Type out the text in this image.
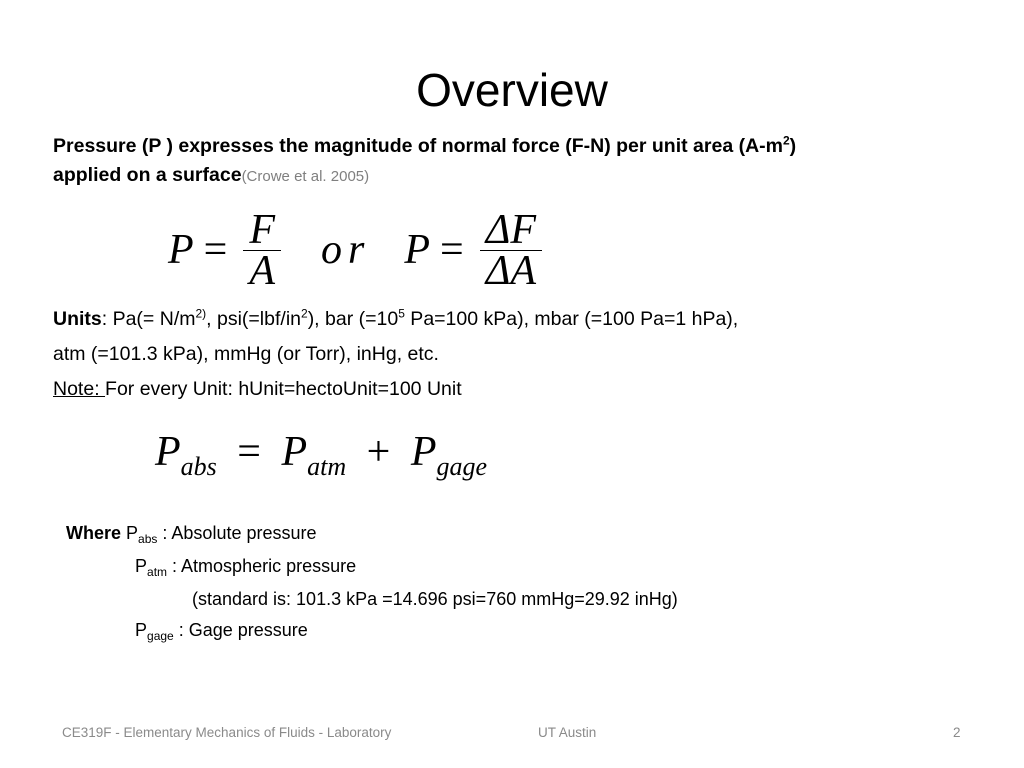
Overview
Pressure (P ) expresses the magnitude of normal force (F-N) per unit area $(A-m^2)$
applied on a surface(Crowe et al. 2005)
$P = \frac{F}{A}$ or $P = \frac{\Delta F}{\Delta A}$
Units: $Pa(= N/m^{2)}$, $psi(=lbf/in^2)$, bar ($=10^5$ Pa=100 kPa), mbar (=100 Pa=1 hPa),
atm (=101.3 kPa), mmHg (or Torr), inHg, etc.
Note: For every Unit: hUnit=hectoUnit=100 Unit
$P_{abs} = P_{atm} + P_{gage}$
Where $P_{abs}$ : Absolute pressure
$P_{atm}$ : Atmospheric pressure
(standard is: 101.3 kPa =14.696 psi=760 mmHg=29.92 inHg)
$P_{gage}$ : Gage pressure
CE319F - Elementary Mechanics of Fluids - Laboratory	UT Austin	2
